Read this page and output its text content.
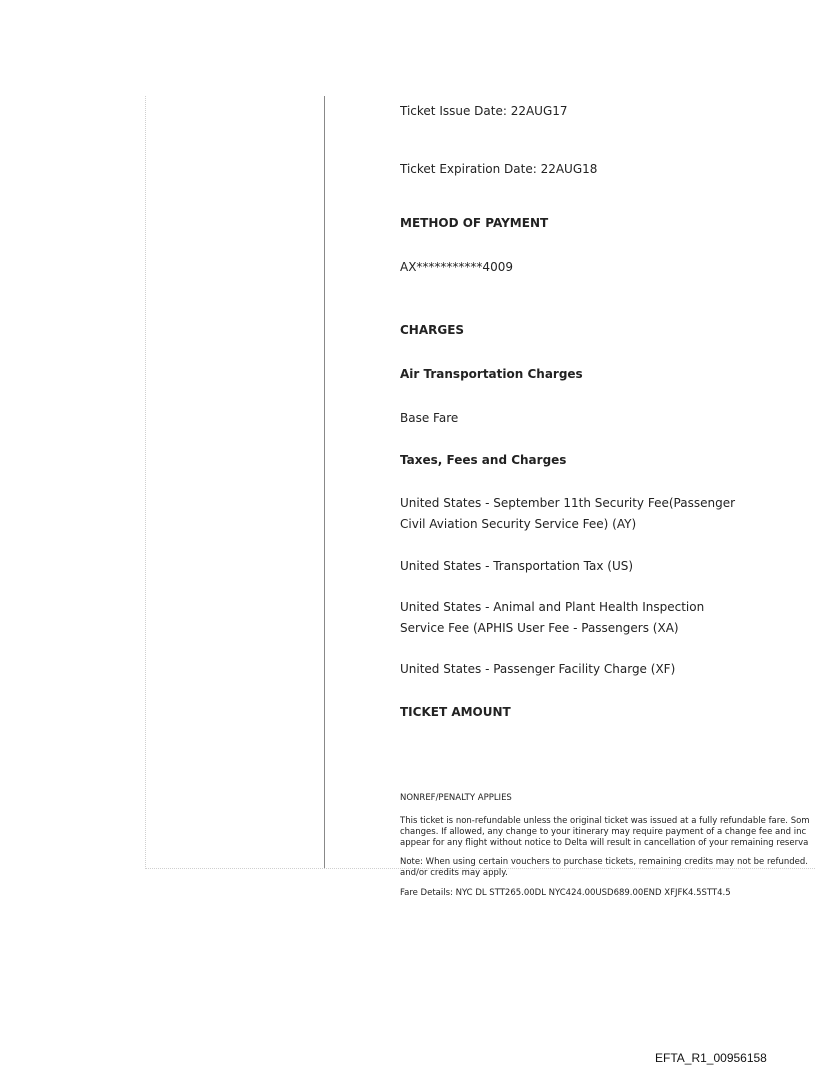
Ticket Issue Date: 22AUG17
Ticket Expiration Date: 22AUG18
METHOD OF PAYMENT
AX***********4009
CHARGES
Air Transportation Charges
Base Fare
Taxes, Fees and Charges
United States - September 11th Security Fee(Passenger
Civil Aviation Security Service Fee) (AY)
United States - Transportation Tax (US)
United States - Animal and Plant Health Inspection
Service Fee (APHIS User Fee - Passengers (XA)
United States - Passenger Facility Charge (XF)
TICKET AMOUNT
NONREF/PENALTY APPLIES
This ticket is non-refundable unless the original ticket was issued at a fully refundable fare. Som
changes. If allowed, any change to your itinerary may require payment of a change fee and inc
appear for any flight without notice to Delta will result in cancellation of your remaining reserva
Note: When using certain vouchers to purchase tickets, remaining credits may not be refunded.
and/or credits may apply.
Fare Details: NYC DL STT265.00DL NYC424.00USD689.00END XFJFK4.5STT4.5
EFTA_R1_00956158
